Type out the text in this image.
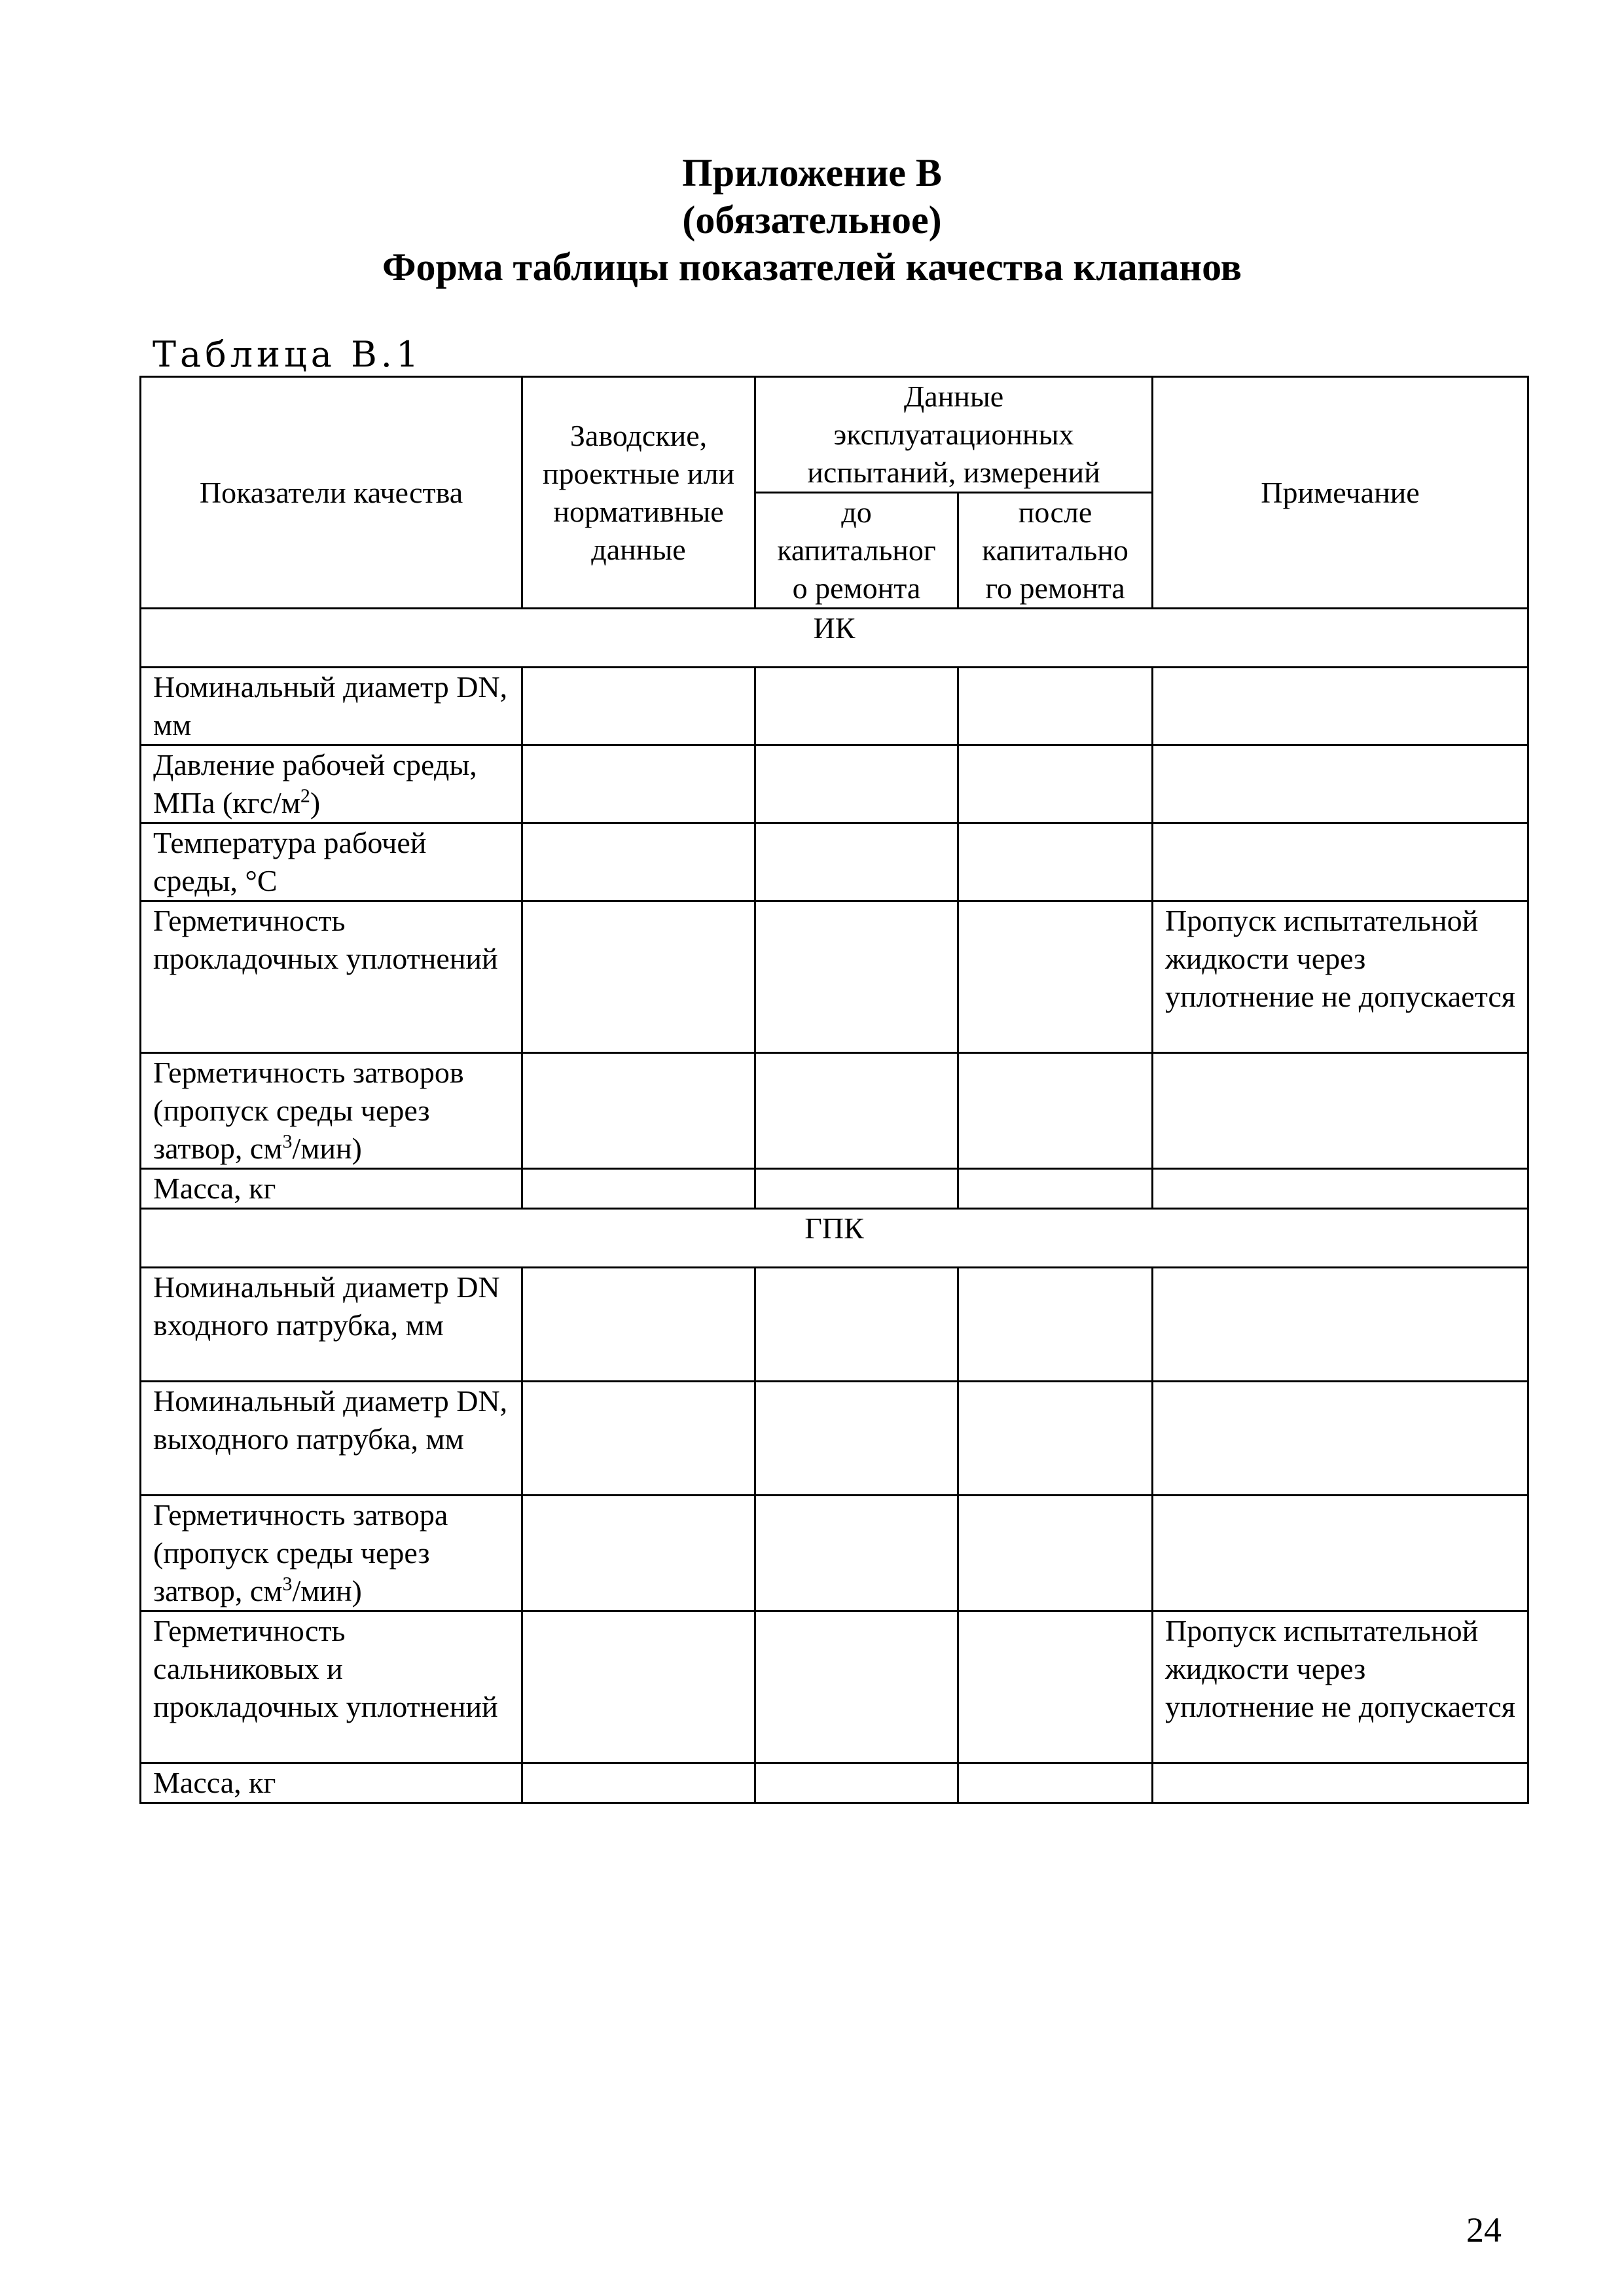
Приложение В
(обязательное)
Форма таблицы показателей качества клапанов
Таблица В.1
Показатели качества	Заводские, проектные или нормативные данные	Данные эксплуатационных испытаний, измерений		Примечание
		до капитальног о ремонта	после капитально го ремонта	
ИК				
Номинальный диаметр DN, мм				
Давление рабочей среды, МПа $(кгс/м^2)$				
Температура рабочей среды, °С				
Герметичность прокладочных уплотнений				Пропуск испытательной жидкости через уплотнение не допускается
Герметичность затворов (пропуск среды через затвор, $см^3/мин$)				
Масса, кг				
ГПК				
Номинальный диаметр DN входного патрубка, мм				
Номинальный диаметр DN, выходного патрубка, мм				
Герметичность затвора (пропуск среды через затвор, $см^3/мин$)				
Герметичность сальниковых и прокладочных уплотнений				Пропуск испытательной жидкости через уплотнение не допускается
Масса, кг				
24
